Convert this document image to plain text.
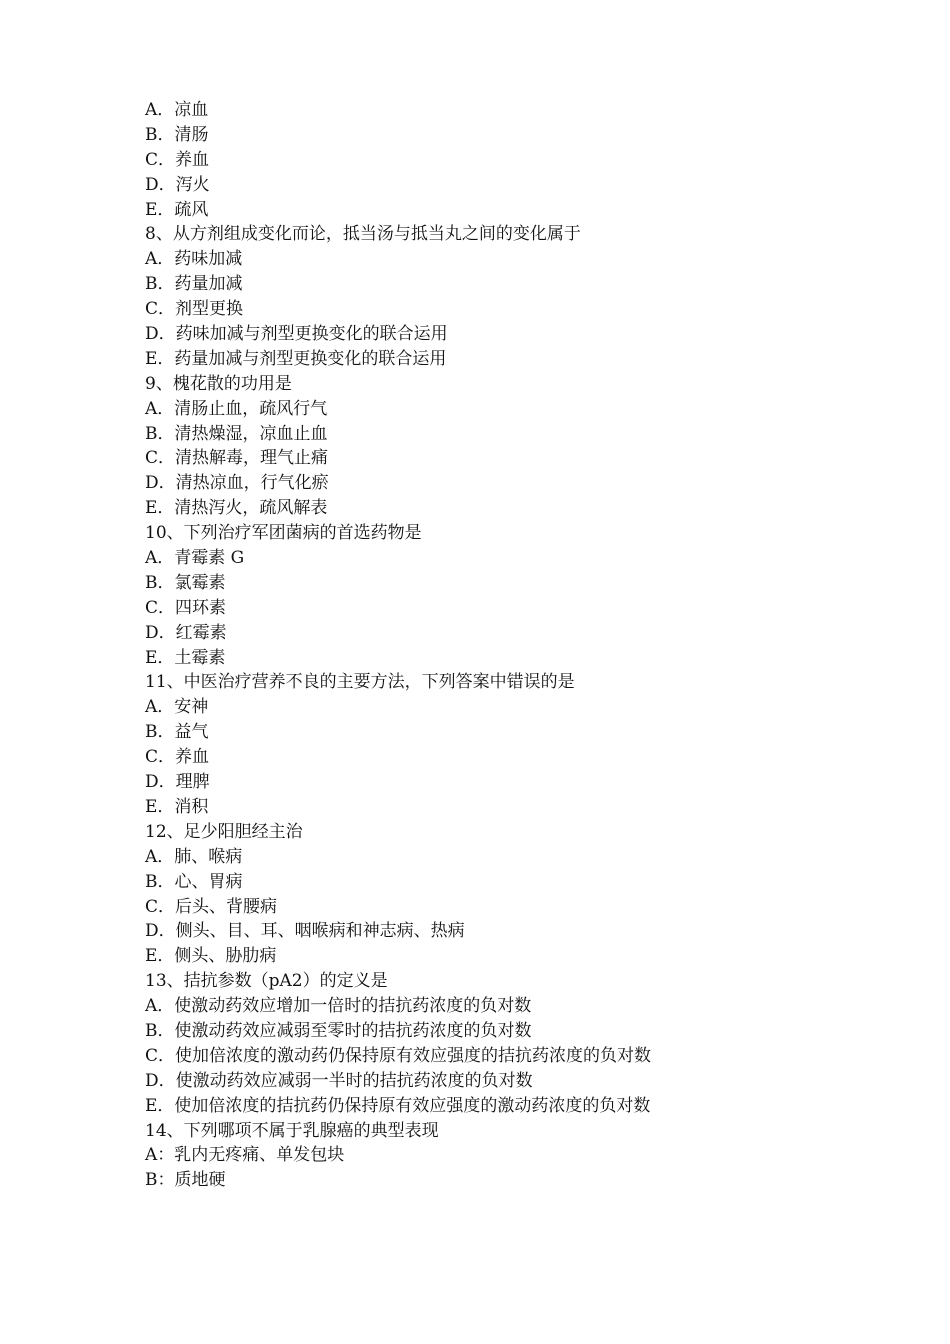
A．凉血
B．清肠
C．养血
D．泻火
E．疏风
8、从方剂组成变化而论，抵当汤与抵当丸之间的变化属于
A．药味加减
B．药量加减
C．剂型更换
D．药味加减与剂型更换变化的联合运用
E．药量加减与剂型更换变化的联合运用
9、槐花散的功用是
A．清肠止血，疏风行气
B．清热燥湿，凉血止血
C．清热解毒，理气止痛
D．清热凉血，行气化瘀
E．清热泻火，疏风解表
10、下列治疗军团菌病的首选药物是
A．青霉素 G
B．氯霉素
C．四环素
D．红霉素
E．土霉素
11、中医治疗营养不良的主要方法，下列答案中错误的是
A．安神
B．益气
C．养血
D．理脾
E．消积
12、足少阳胆经主治
A．肺、喉病
B．心、胃病
C．后头、背腰病
D．侧头、目、耳、咽喉病和神志病、热病
E．侧头、胁肋病
13、拮抗参数（pA2）的定义是
A．使激动药效应增加一倍时的拮抗药浓度的负对数
B．使激动药效应减弱至零时的拮抗药浓度的负对数
C．使加倍浓度的激动药仍保持原有效应强度的拮抗药浓度的负对数
D．使激动药效应减弱一半时的拮抗药浓度的负对数
E．使加倍浓度的拮抗药仍保持原有效应强度的激动药浓度的负对数
14、下列哪项不属于乳腺癌的典型表现
A：乳内无疼痛、单发包块
B：质地硬
